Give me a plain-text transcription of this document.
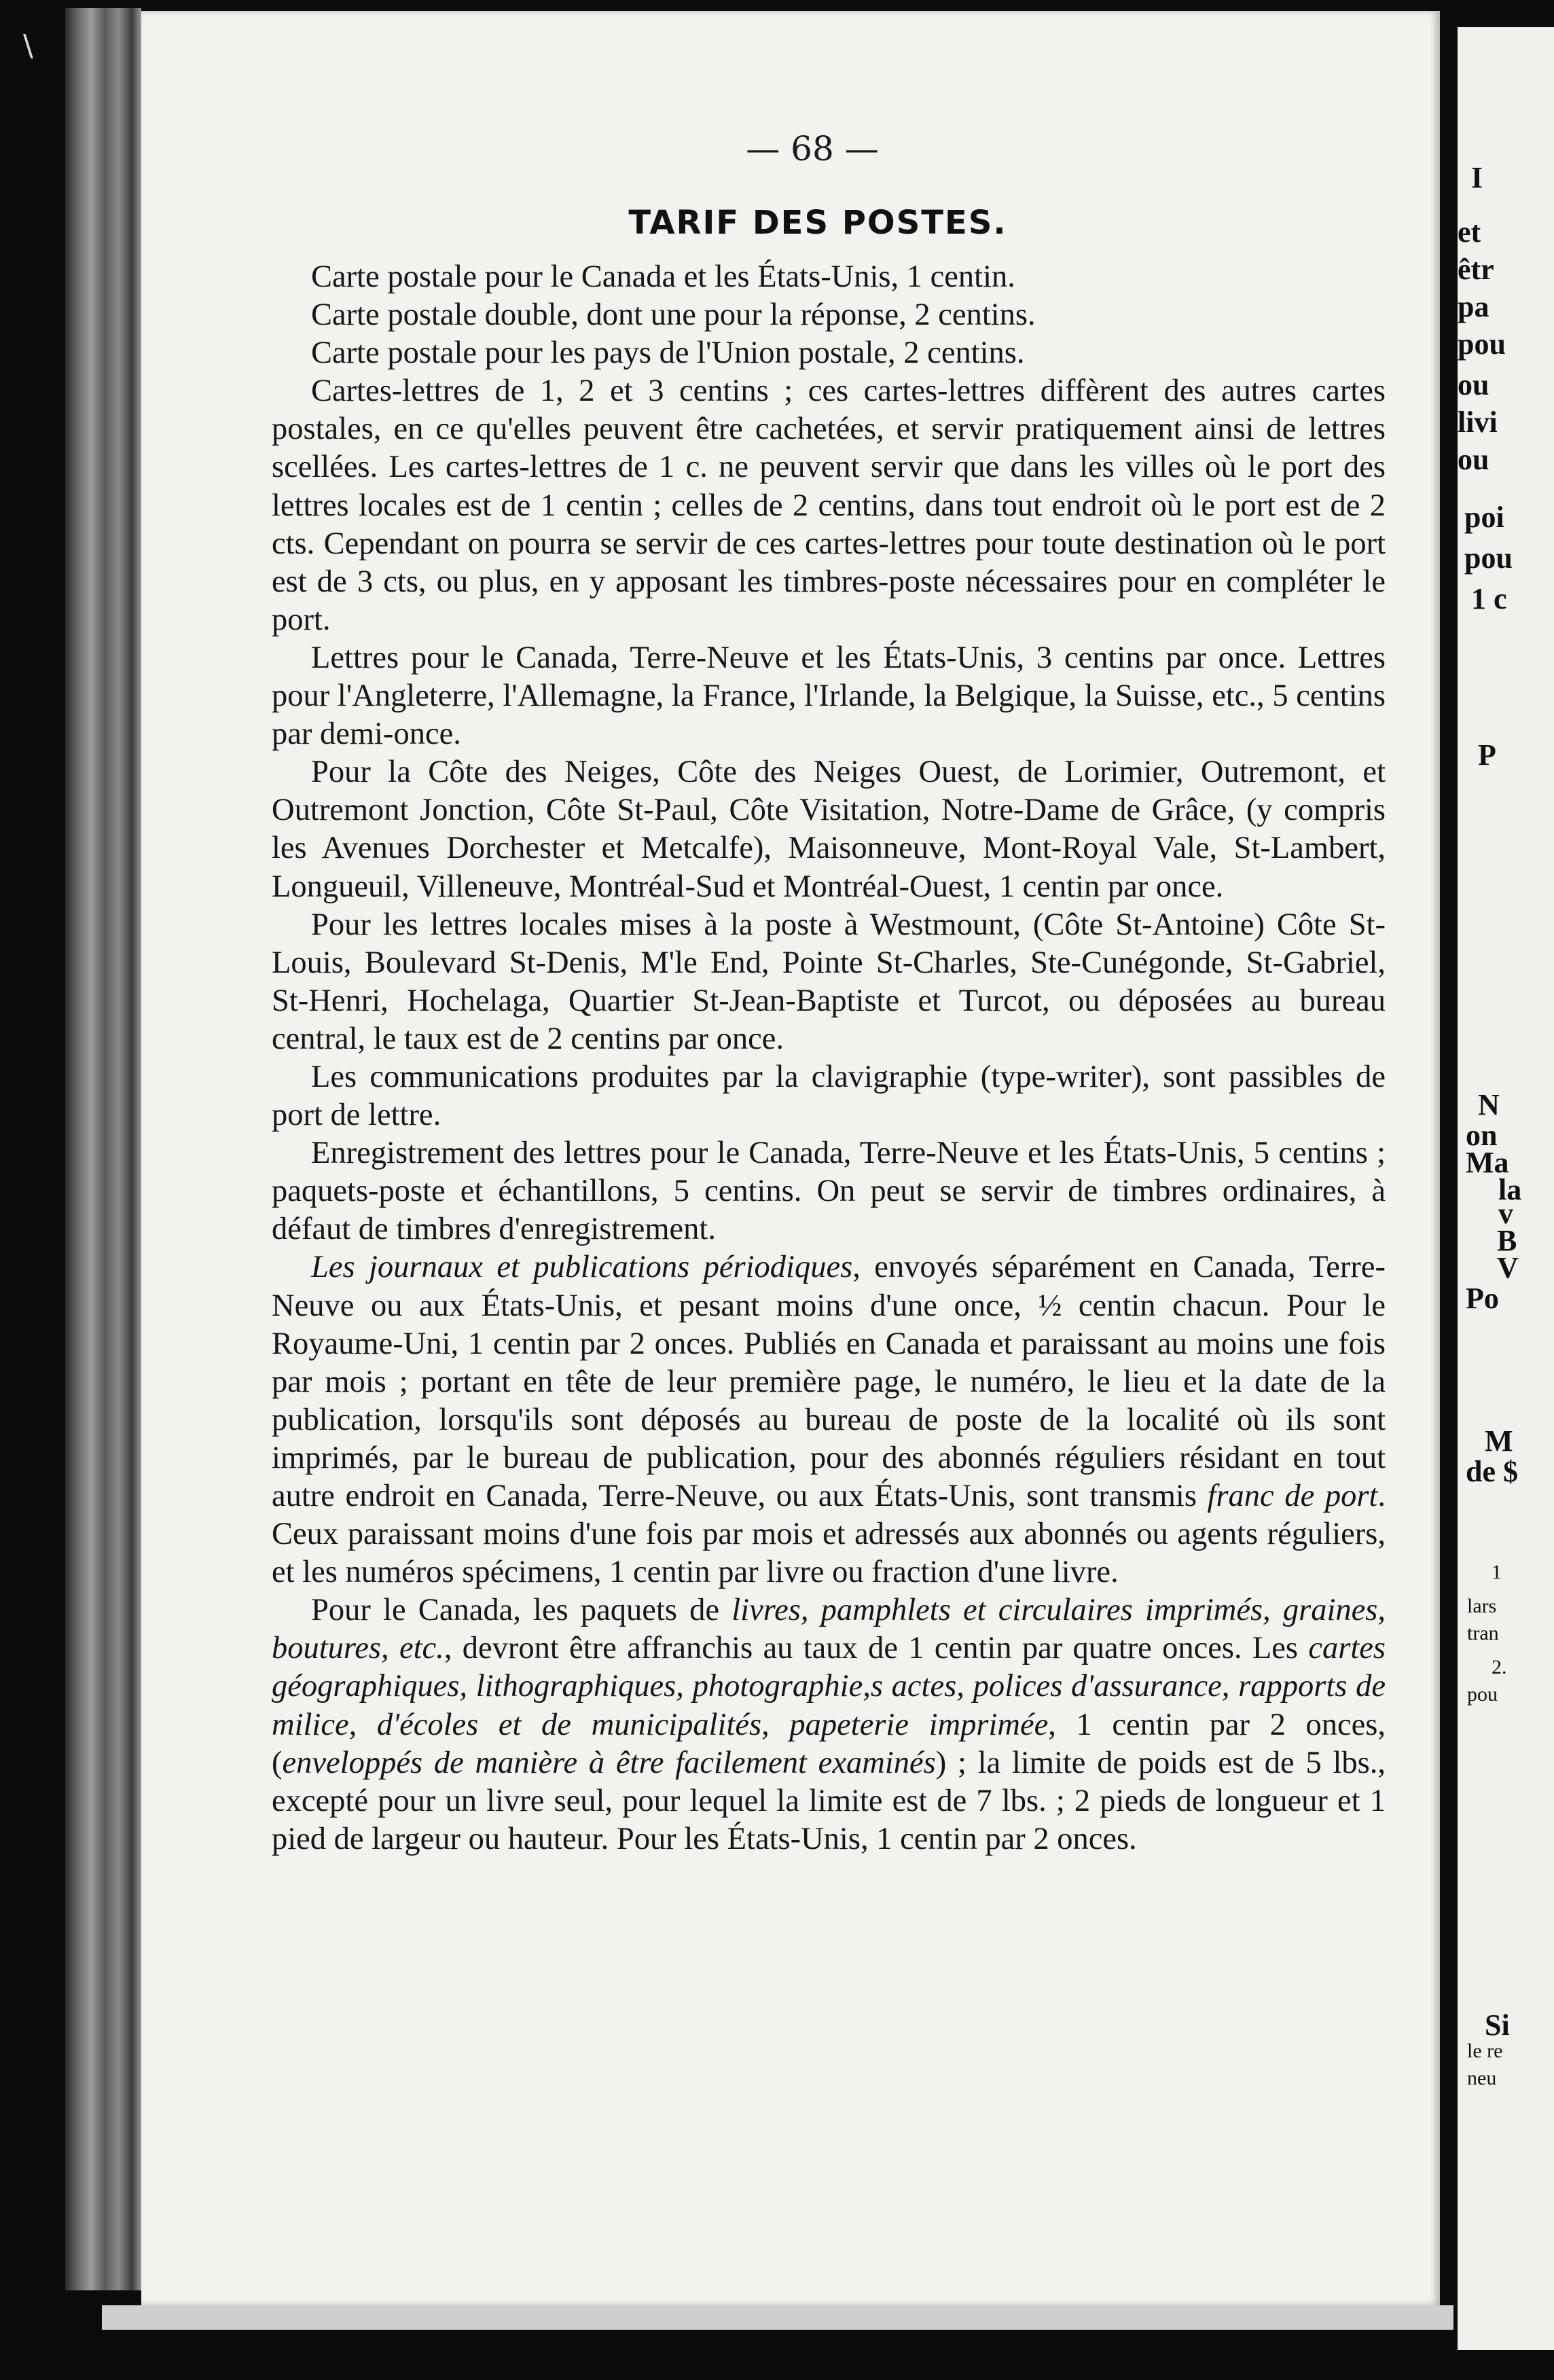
\
— 68 —
TARIF DES POSTES.

Carte postale pour le Canada et les États-Unis, 1 centin.

Carte postale double, dont une pour la réponse, 2 centins.

Carte postale pour les pays de l'Union postale, 2 centins.

Cartes-lettres de 1, 2 et 3 centins ; ces cartes-lettres diffèrent des autres cartes postales, en ce qu'elles peuvent être cachetées, et servir pratiquement ainsi de lettres scellées. Les cartes-lettres de 1 c. ne peuvent servir que dans les villes où le port des lettres locales est de 1 centin ; celles de 2 centins, dans tout endroit où le port est de 2 cts. Cependant on pourra se servir de ces cartes-lettres pour toute destination où le port est de 3 cts, ou plus, en y apposant les timbres-poste nécessaires pour en compléter le port.

Lettres pour le Canada, Terre-Neuve et les États-Unis, 3 centins par once. Lettres pour l'Angleterre, l'Allemagne, la France, l'Irlande, la Belgique, la Suisse, etc., 5 centins par demi-once.

Pour la Côte des Neiges, Côte des Neiges Ouest, de Lorimier, Outremont, et Outremont Jonction, Côte St-Paul, Côte Visitation, Notre-Dame de Grâce, (y compris les Avenues Dorchester et Metcalfe), Maisonneuve, Mont-Royal Vale, St-Lambert, Longueuil, Villeneuve, Montréal-Sud et Montréal-Ouest, 1 centin par once.

Pour les lettres locales mises à la poste à Westmount, (Côte St-Antoine) Côte St-Louis, Boulevard St-Denis, M'le End, Pointe St-Charles, Ste-Cunégonde, St-Gabriel, St-Henri, Hochelaga, Quartier St-Jean-Baptiste et Turcot, ou déposées au bureau central, le taux est de 2 centins par once.

Les communications produites par la clavigraphie (type-writer), sont passibles de port de lettre.

Enregistrement des lettres pour le Canada, Terre-Neuve et les États-Unis, 5 centins ; paquets-poste et échantillons, 5 centins. On peut se servir de timbres ordinaires, à défaut de timbres d'enregistrement.

Les journaux et publications périodiques, envoyés séparément en Canada, Terre-Neuve ou aux États-Unis, et pesant moins d'une once, ½ centin chacun. Pour le Royaume-Uni, 1 centin par 2 onces. Publiés en Canada et paraissant au moins une fois par mois ; portant en tête de leur première page, le numéro, le lieu et la date de la publication, lorsqu'ils sont déposés au bureau de poste de la localité où ils sont imprimés, par le bureau de publication, pour des abonnés réguliers résidant en tout autre endroit en Canada, Terre-Neuve, ou aux États-Unis, sont transmis franc de port. Ceux paraissant moins d'une fois par mois et adressés aux abonnés ou agents réguliers, et les numéros spécimens, 1 centin par livre ou fraction d'une livre.

Pour le Canada, les paquets de livres, pamphlets et circulaires imprimés, graines, boutures, etc., devront être affranchis au taux de 1 centin par quatre onces. Les cartes géographiques, lithographiques, photographie,s actes, polices d'assurance, rapports de milice, d'écoles et de municipalités, papeterie imprimée, 1 centin par 2 onces, (enveloppés de manière à être facilement examinés) ; la limite de poids est de 5 lbs., excepté pour un livre seul, pour lequel la limite est de 7 lbs. ; 2 pieds de longueur et 1 pied de largeur ou hauteur. Pour les États-Unis, 1 centin par 2 onces.

I
et
êtr
pa
pou
ou
livi
ou
poi
pou
1 c
P
N
on
Ma
la
v
B
V
Po
M
de $
1
lars
tran
2.
pou
Si
le re
neu
